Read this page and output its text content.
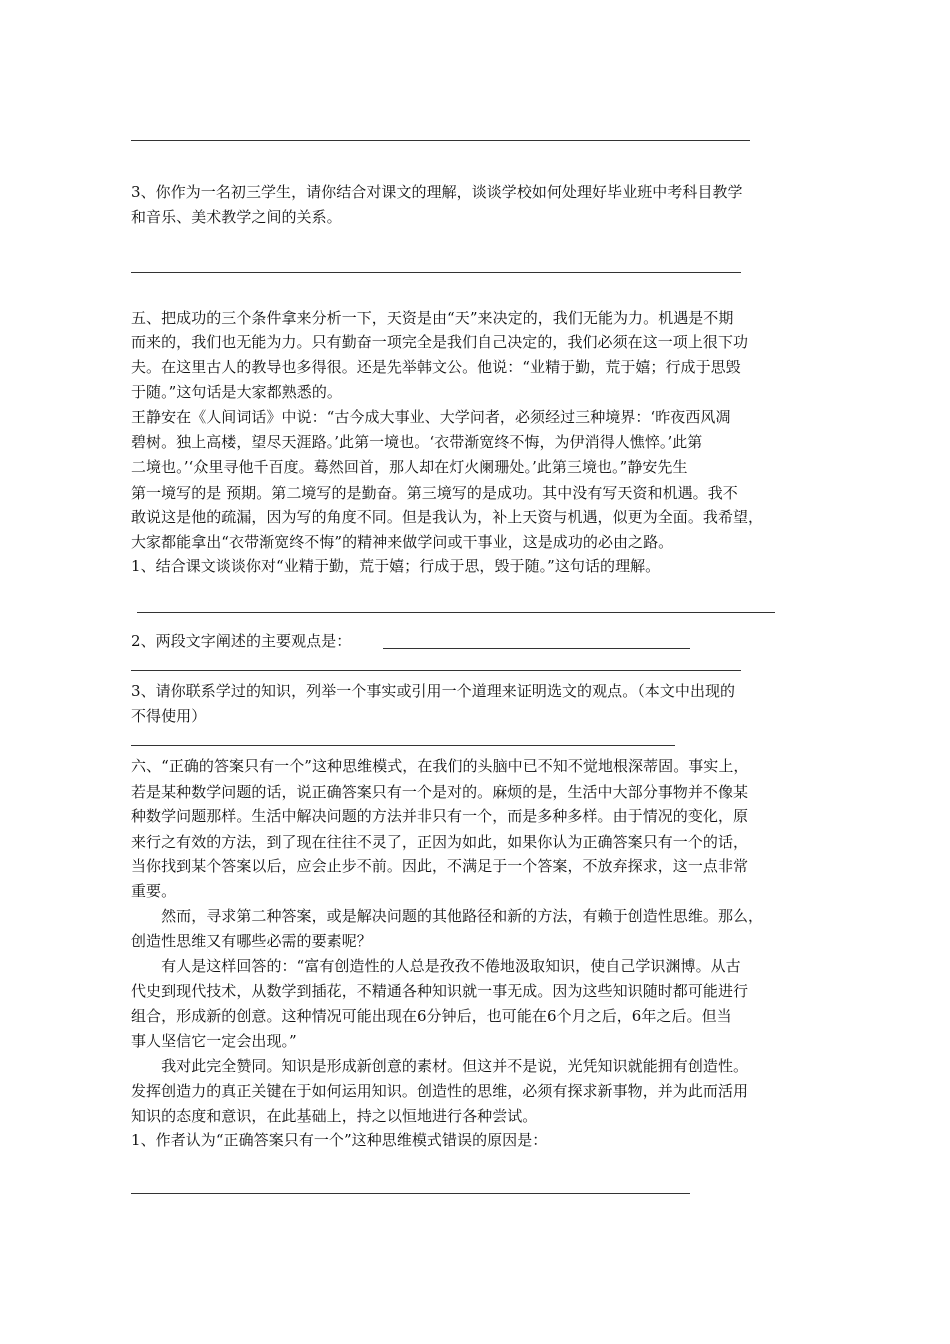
3、你作为一名初三学生，请你结合对课文的理解，谈谈学校如何处理好毕业班中考科目教学
和音乐、美术教学之间的关系。
五、把成功的三个条件拿来分析一下，天资是由“天”来决定的，我们无能为力。机遇是不期
而来的，我们也无能为力。只有勤奋一项完全是我们自己决定的，我们必须在这一项上很下功
夫。在这里古人的教导也多得很。还是先举韩文公。他说：“业精于勤，荒于嬉；行成于思毁
于随。”这句话是大家都熟悉的。
王静安在《人间词话》中说：“古今成大事业、大学问者，必须经过三种境界：‘昨夜西风凋
碧树。独上高楼，望尽天涯路。’此第一境也。‘衣带渐宽终不悔，为伊消得人憔悴。’此第
二境也。’‘众里寻他千百度。蓦然回首，那人却在灯火阑珊处。’此第三境也。”静安先生
第一境写的是 预期。第二境写的是勤奋。第三境写的是成功。其中没有写天资和机遇。我不
敢说这是他的疏漏，因为写的角度不同。但是我认为，补上天资与机遇，似更为全面。我希望，
大家都能拿出“衣带渐宽终不悔”的精神来做学问或干事业，这是成功的必由之路。
1、结合课文谈谈你对“业精于勤，荒于嬉；行成于思，毁于随。”这句话的理解。
2、两段文字阐述的主要观点是：
3、请你联系学过的知识，列举一个事实或引用一个道理来证明选文的观点。（本文中出现的
不得使用）
六、“正确的答案只有一个”这种思维模式，在我们的头脑中已不知不觉地根深蒂固。事实上，
若是某种数学问题的话，说正确答案只有一个是对的。麻烦的是，生活中大部分事物并不像某
种数学问题那样。生活中解决问题的方法并非只有一个，而是多种多样。由于情况的变化，原
来行之有效的方法，到了现在往往不灵了，正因为如此，如果你认为正确答案只有一个的话，
当你找到某个答案以后，应会止步不前。因此，不满足于一个答案，不放弃探求，这一点非常
重要。
　　然而，寻求第二种答案，或是解决问题的其他路径和新的方法，有赖于创造性思维。那么，
创造性思维又有哪些必需的要素呢？
　　有人是这样回答的：“富有创造性的人总是孜孜不倦地汲取知识，使自己学识渊博。从古
代史到现代技术，从数学到插花，不精通各种知识就一事无成。因为这些知识随时都可能进行
组合，形成新的创意。这种情况可能出现在6分钟后，也可能在6个月之后，6年之后。但当
事人坚信它一定会出现。”
　　我对此完全赞同。知识是形成新创意的素材。但这并不是说，光凭知识就能拥有创造性。
发挥创造力的真正关键在于如何运用知识。创造性的思维，必须有探求新事物，并为此而活用
知识的态度和意识，在此基础上，持之以恒地进行各种尝试。
1、作者认为“正确答案只有一个”这种思维模式错误的原因是：
